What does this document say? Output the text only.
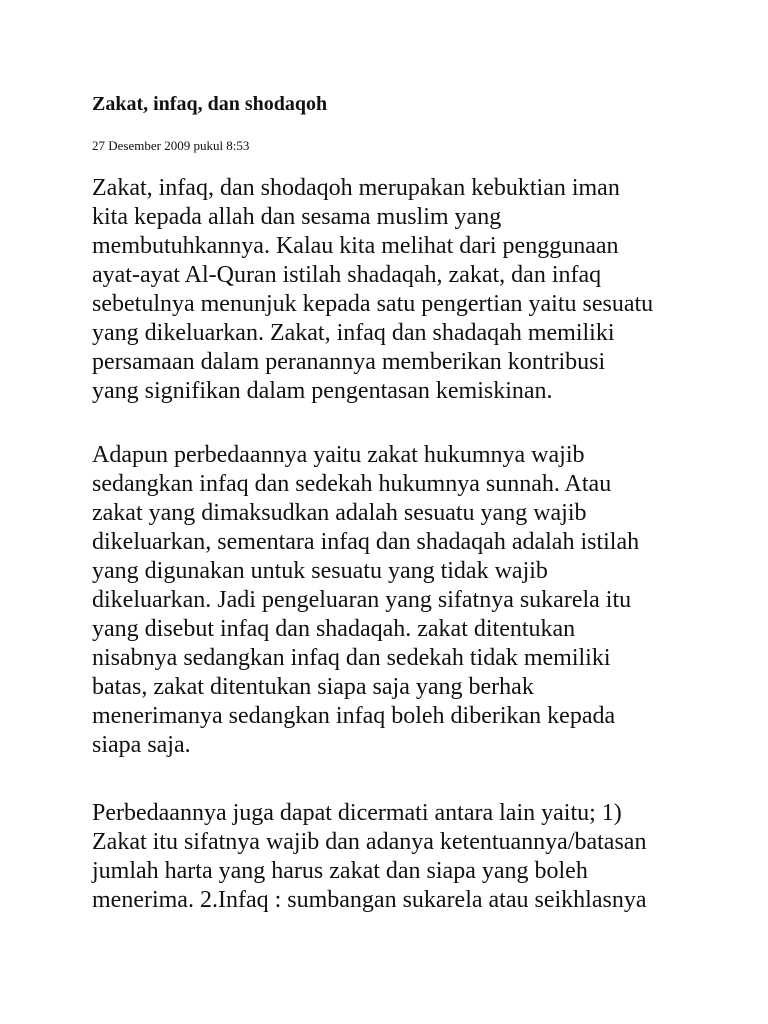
Zakat, infaq, dan shodaqoh
27 Desember 2009 pukul 8:53
Zakat, infaq, dan shodaqoh merupakan kebuktian iman
kita kepada allah dan sesama muslim yang
membutuhkannya. Kalau kita melihat dari penggunaan
ayat-ayat Al-Quran istilah shadaqah, zakat, dan infaq
sebetulnya menunjuk kepada satu pengertian yaitu sesuatu
yang dikeluarkan. Zakat, infaq dan shadaqah memiliki
persamaan dalam peranannya memberikan kontribusi
yang signifikan dalam pengentasan kemiskinan.
Adapun perbedaannya yaitu zakat hukumnya wajib
sedangkan infaq dan sedekah hukumnya sunnah. Atau
zakat yang dimaksudkan adalah sesuatu yang wajib
dikeluarkan, sementara infaq dan shadaqah adalah istilah
yang digunakan untuk sesuatu yang tidak wajib
dikeluarkan. Jadi pengeluaran yang sifatnya sukarela itu
yang disebut infaq dan shadaqah. zakat ditentukan
nisabnya sedangkan infaq dan sedekah tidak memiliki
batas, zakat ditentukan siapa saja yang berhak
menerimanya sedangkan infaq boleh diberikan kepada
siapa saja.
Perbedaannya juga dapat dicermati antara lain yaitu; 1)
Zakat itu sifatnya wajib dan adanya ketentuannya/batasan
jumlah harta yang harus zakat dan siapa yang boleh
menerima. 2.Infaq : sumbangan sukarela atau seikhlasnya
